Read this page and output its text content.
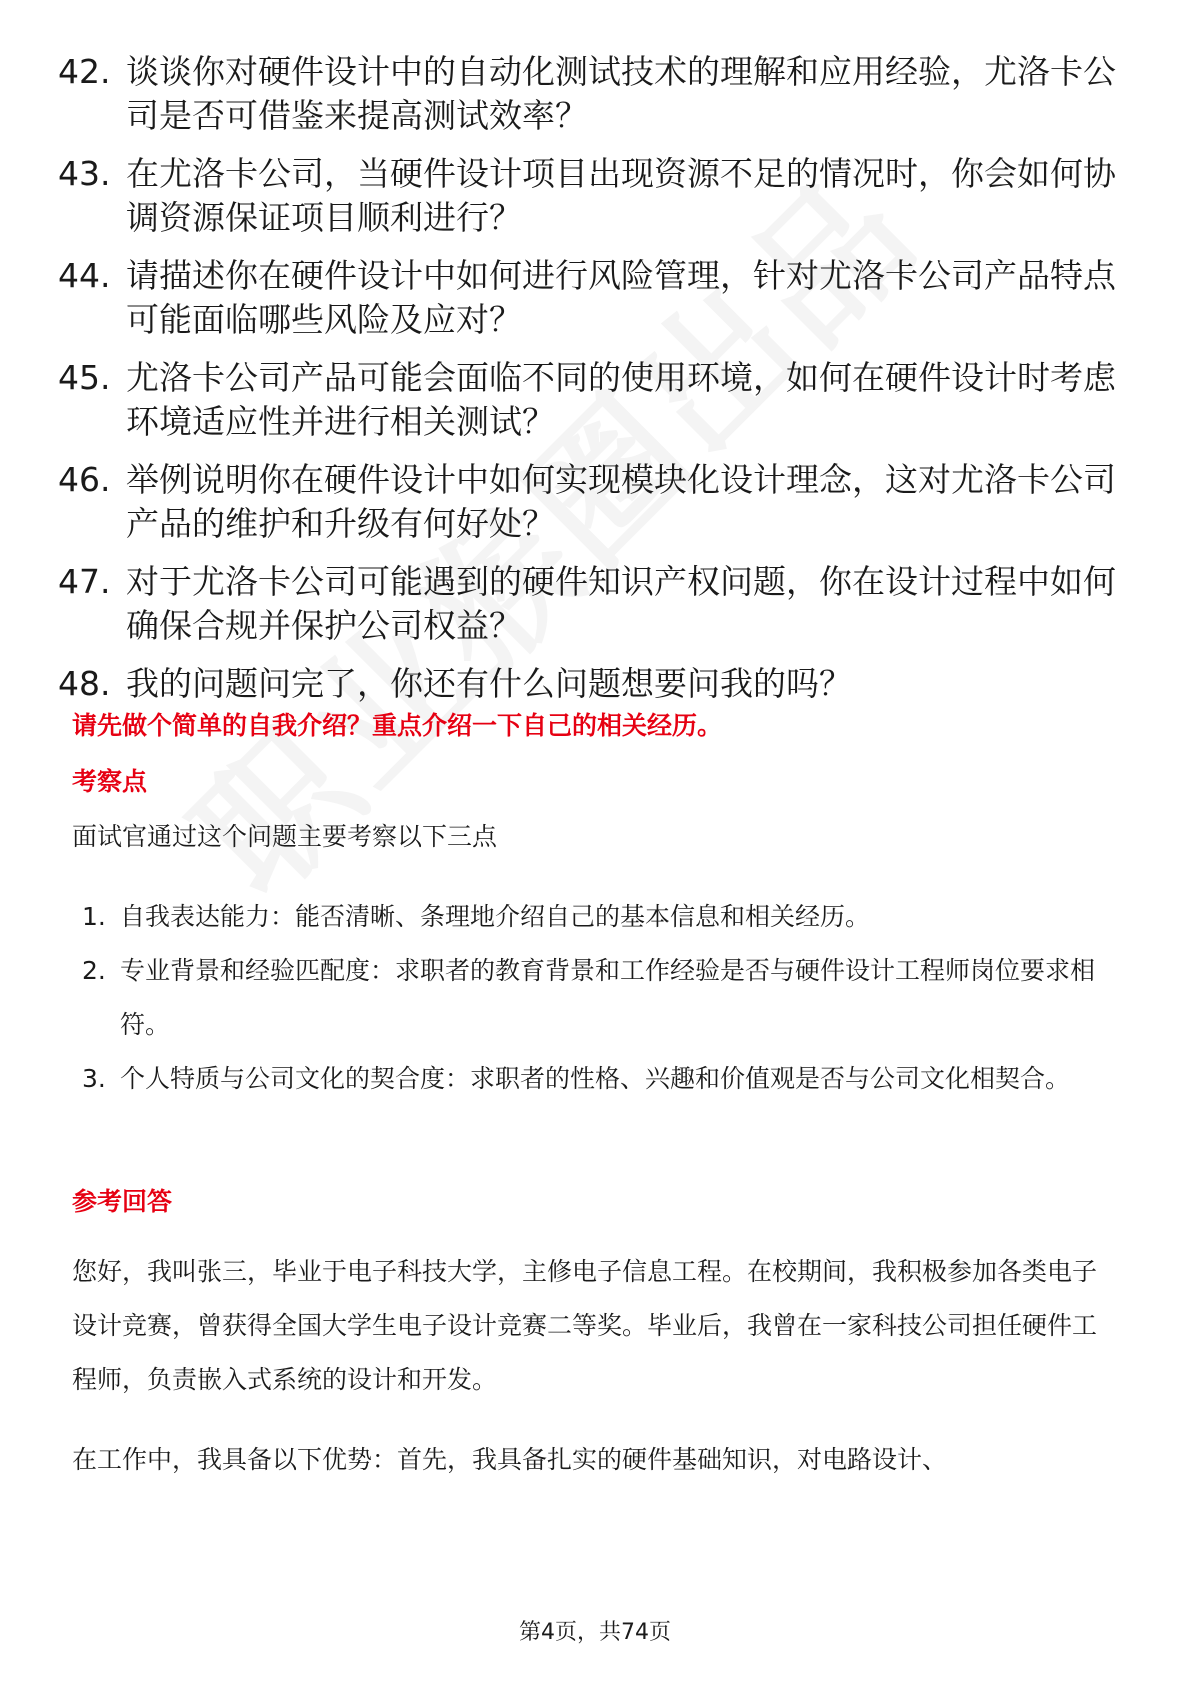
42. 谈谈你对硬件设计中的自动化测试技术的理解和应用经验，尤洛卡公司是否可借鉴来提高测试效率？
43. 在尤洛卡公司，当硬件设计项目出现资源不足的情况时，你会如何协调资源保证项目顺利进行？
44. 请描述你在硬件设计中如何进行风险管理，针对尤洛卡公司产品特点可能面临哪些风险及应对？
45. 尤洛卡公司产品可能会面临不同的使用环境，如何在硬件设计时考虑环境适应性并进行相关测试？
46. 举例说明你在硬件设计中如何实现模块化设计理念，这对尤洛卡公司产品的维护和升级有何好处？
47. 对于尤洛卡公司可能遇到的硬件知识产权问题，你在设计过程中如何确保合规并保护公司权益？
48. 我的问题问完了，你还有什么问题想要问我的吗？
请先做个简单的自我介绍？重点介绍一下自己的相关经历。
考察点
面试官通过这个问题主要考察以下三点
1. 自我表达能力：能否清晰、条理地介绍自己的基本信息和相关经历。
2. 专业背景和经验匹配度：求职者的教育背景和工作经验是否与硬件设计工程师岗位要求相符。
3. 个人特质与公司文化的契合度：求职者的性格、兴趣和价值观是否与公司文化相契合。
参考回答
您好，我叫张三，毕业于电子科技大学，主修电子信息工程。在校期间，我积极参加各类电子设计竞赛，曾获得全国大学生电子设计竞赛二等奖。毕业后，我曾在一家科技公司担任硬件工程师，负责嵌入式系统的设计和开发。
在工作中，我具备以下优势：首先，我具备扎实的硬件基础知识，对电路设计、
第4页，共74页
